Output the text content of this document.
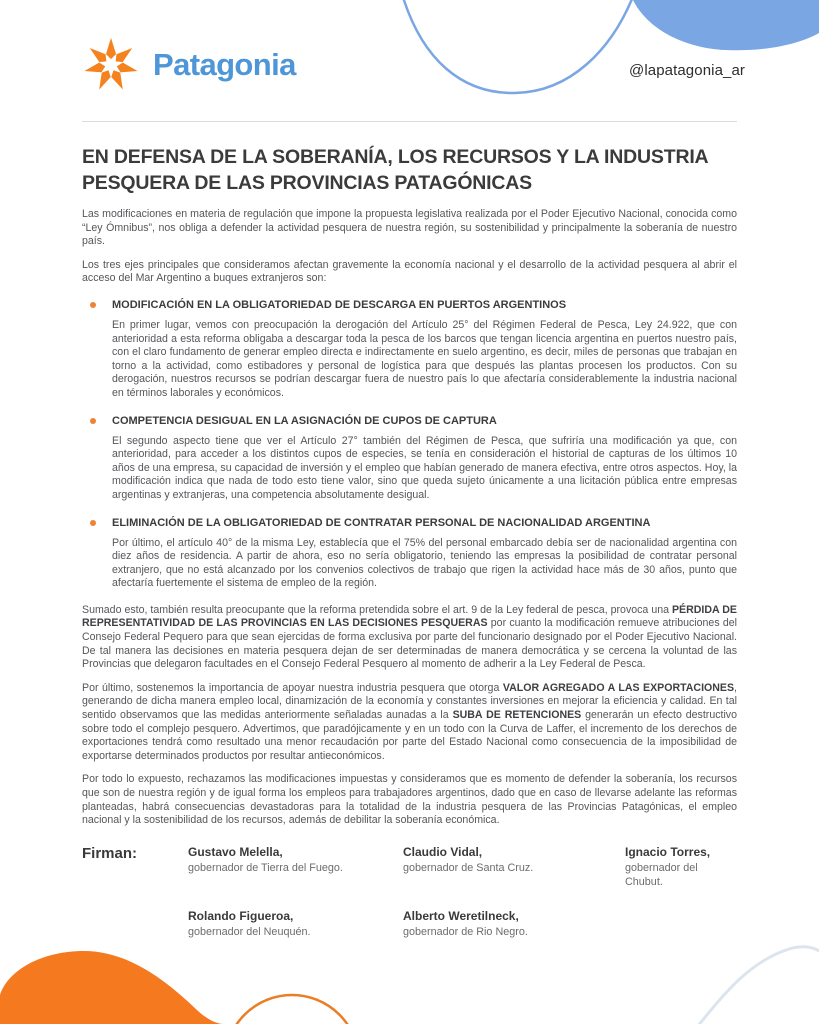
Patagonia	@lapatagonia_ar
EN DEFENSA DE LA SOBERANÍA, LOS RECURSOS Y LA INDUSTRIA PESQUERA DE LAS PROVINCIAS PATAGÓNICAS

Las modificaciones en materia de regulación que impone la propuesta legislativa realizada por el Poder Ejecutivo Nacional, conocida como “Ley Ómnibus”, nos obliga a defender la actividad pesquera de nuestra región, su sostenibilidad y principalmente la soberanía de nuestro país.

Los tres ejes principales que consideramos afectan gravemente la economía nacional y el desarrollo de la actividad pesquera al abrir el acceso del Mar Argentino a buques extranjeros son:

MODIFICACIÓN EN LA OBLIGATORIEDAD DE DESCARGA EN PUERTOS ARGENTINOS

En primer lugar, vemos con preocupación la derogación del Artículo 25° del Régimen Federal de Pesca, Ley 24.922, que con anterioridad a esta reforma obligaba a descargar toda la pesca de los barcos que tengan licencia argentina en puertos nuestro país, con el claro fundamento de generar empleo directa e indirectamente en suelo argentino, es decir, miles de personas que trabajan en torno a la actividad, como estibadores y personal de logística para que después las plantas procesen los productos. Con su derogación, nuestros recursos se podrían descargar fuera de nuestro país lo que afectaría considerablemente la industria nacional en términos laborales y económicos.

COMPETENCIA DESIGUAL EN LA ASIGNACIÓN DE CUPOS DE CAPTURA

El segundo aspecto tiene que ver el Artículo 27° también del Régimen de Pesca, que sufriría una modificación ya que, con anterioridad, para acceder a los distintos cupos de especies, se tenía en consideración el historial de capturas de los últimos 10 años de una empresa, su capacidad de inversión y el empleo que habían generado de manera efectiva, entre otros aspectos. Hoy, la modificación indica que nada de todo esto tiene valor, sino que queda sujeto únicamente a una licitación pública entre empresas argentinas y extranjeras, una competencia absolutamente desigual.

ELIMINACIÓN DE LA OBLIGATORIEDAD DE CONTRATAR PERSONAL DE NACIONALIDAD ARGENTINA

Por último, el artículo 40° de la misma Ley, establecía que el 75% del personal embarcado debía ser de nacionalidad argentina con diez años de residencia. A partir de ahora, eso no sería obligatorio, teniendo las empresas la posibilidad de contratar personal extranjero, que no está alcanzado por los convenios colectivos de trabajo que rigen la actividad hace más de 30 años, punto que afectaría fuertemente el sistema de empleo de la región.

Sumado esto, también resulta preocupante que la reforma pretendida sobre el art. 9 de la Ley federal de pesca, provoca una PÉRDIDA DE REPRESENTATIVIDAD DE LAS PROVINCIAS EN LAS DECISIONES PESQUERAS por cuanto la modificación remueve atribuciones del Consejo Federal Pequero para que sean ejercidas de forma exclusiva por parte del funcionario designado por el Poder Ejecutivo Nacional. De tal manera las decisiones en materia pesquera dejan de ser determinadas de manera democrática y se cercena la voluntad de las Provincias que delegaron facultades en el Consejo Federal Pesquero al momento de adherir a la Ley Federal de Pesca.

Por último, sostenemos la importancia de apoyar nuestra industria pesquera que otorga VALOR AGREGADO A LAS EXPORTACIONES, generando de dicha manera empleo local, dinamización de la economía y constantes inversiones en mejorar la eficiencia y calidad. En tal sentido observamos que las medidas anteriormente señaladas aunadas a la SUBA DE RETENCIONES generarán un efecto destructivo sobre todo el complejo pesquero. Advertimos, que paradójicamente y en un todo con la Curva de Laffer, el incremento de los derechos de exportaciones tendrá como resultado una menor recaudación por parte del Estado Nacional como consecuencia de la imposibilidad de exportarse determinados productos por resultar antieconómicos.

Por todo lo expuesto, rechazamos las modificaciones impuestas y consideramos que es momento de defender la soberanía, los recursos que son de nuestra región y de igual forma los empleos para trabajadores argentinos, dado que en caso de llevarse adelante las reformas planteadas, habrá consecuencias devastadoras para la totalidad de la industria pesquera de las Provincias Patagónicas, el empleo nacional y la sostenibilidad de los recursos, además de debilitar la soberanía económica.

Firman:	Gustavo Melella,
gobernador de Tierra del Fuego.
Claudio Vidal,
gobernador de Santa Cruz.
Ignacio Torres,
gobernador del Chubut.
Rolando Figueroa,
gobernador del Neuquén.
Alberto Weretilneck,
gobernador de Rio Negro.
